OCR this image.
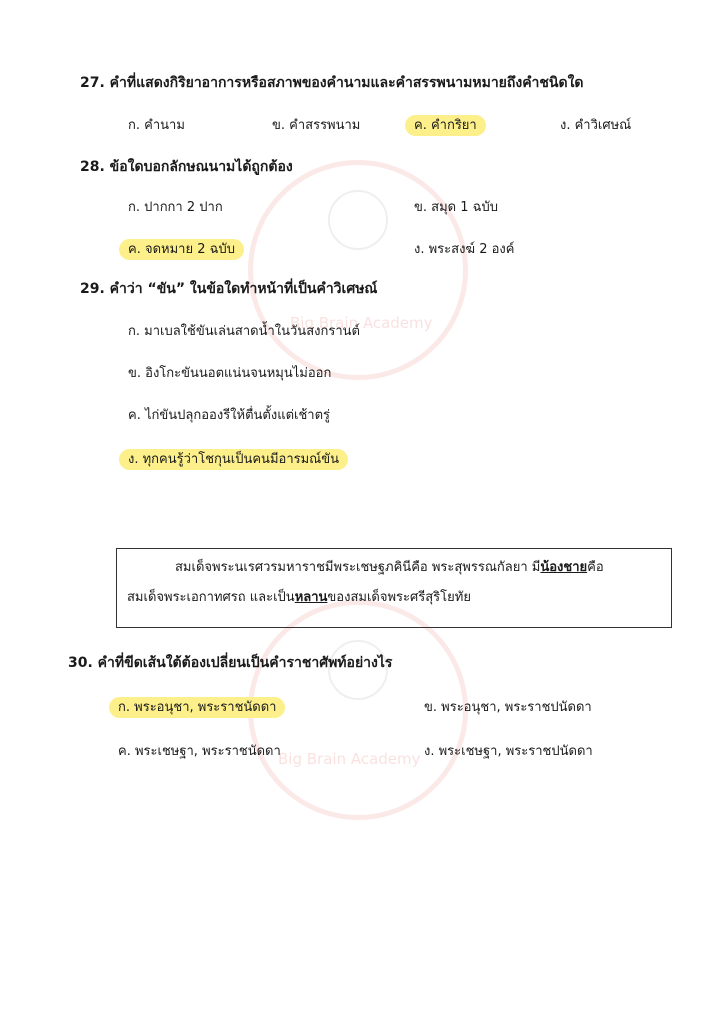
Big Brain Academy
Big Brain Academy
27. คำที่แสดงกิริยาอาการหรือสภาพของคำนามและคำสรรพนามหมายถึงคำชนิดใด
ก. คำนาม	ข. คำสรรพนาม	ค. คำกริยา	ง. คำวิเศษณ์
28. ข้อใดบอกลักษณนามได้ถูกต้อง
ก. ปากกา 2 ปาก	ข. สมุด 1 ฉบับ
ค. จดหมาย 2 ฉบับ	ง. พระสงฆ์ 2 องค์
29. คำว่า “ขัน” ในข้อใดทำหน้าที่เป็นคำวิเศษณ์
ก. มาเบลใช้ขันเล่นสาดน้ำในวันสงกรานต์
ข. อิงโกะขันนอตแน่นจนหมุนไม่ออก
ค. ไก่ขันปลุกอองรีให้ตื่นตั้งแต่เช้าตรู่
ง. ทุกคนรู้ว่าโชกุนเป็นคนมีอารมณ์ขัน
สมเด็จพระนเรศวรมหาราชมีพระเชษฐภคินีคือ พระสุพรรณกัลยา มีน้องชายคือ
สมเด็จพระเอกาทศรถ และเป็นหลานของสมเด็จพระศรีสุริโยทัย
30. คำที่ขีดเส้นใต้ต้องเปลี่ยนเป็นคำราชาศัพท์อย่างไร
ก. พระอนุชา, พระราชนัดดา	ข. พระอนุชา, พระราชปนัดดา
ค. พระเชษฐา, พระราชนัดดา	ง. พระเชษฐา, พระราชปนัดดา
